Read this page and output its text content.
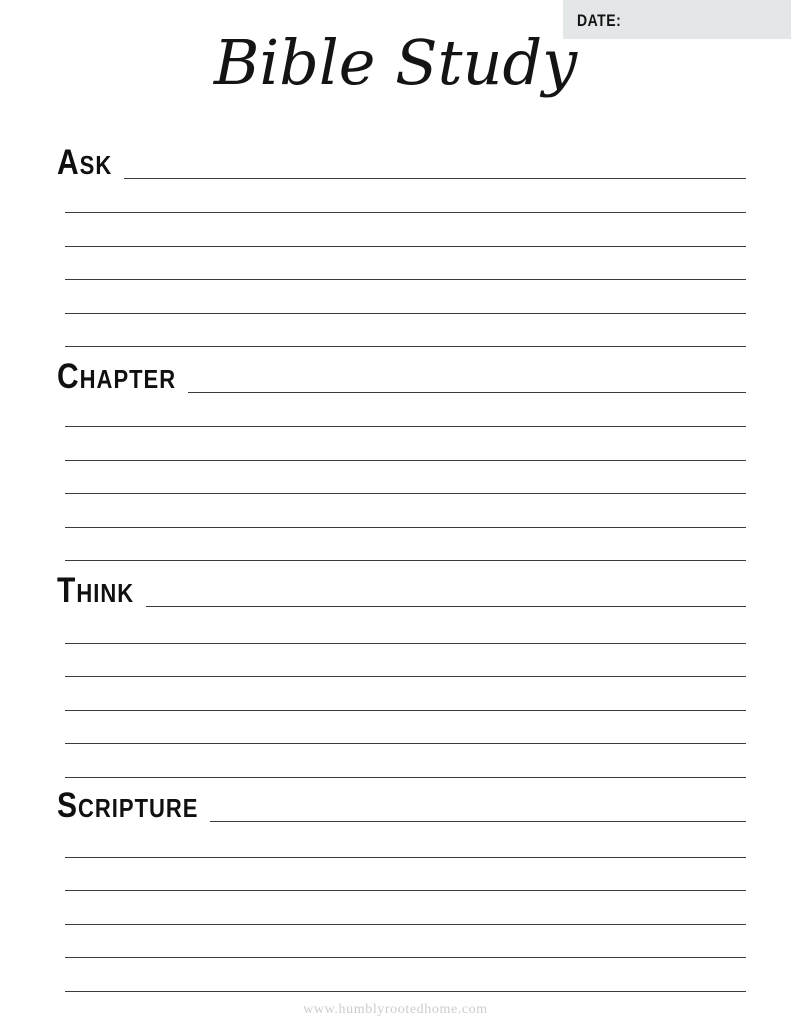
DATE:
Bible Study
ASK
CHAPTER
THINK
SCRIPTURE
www.humblyrootedhome.com
